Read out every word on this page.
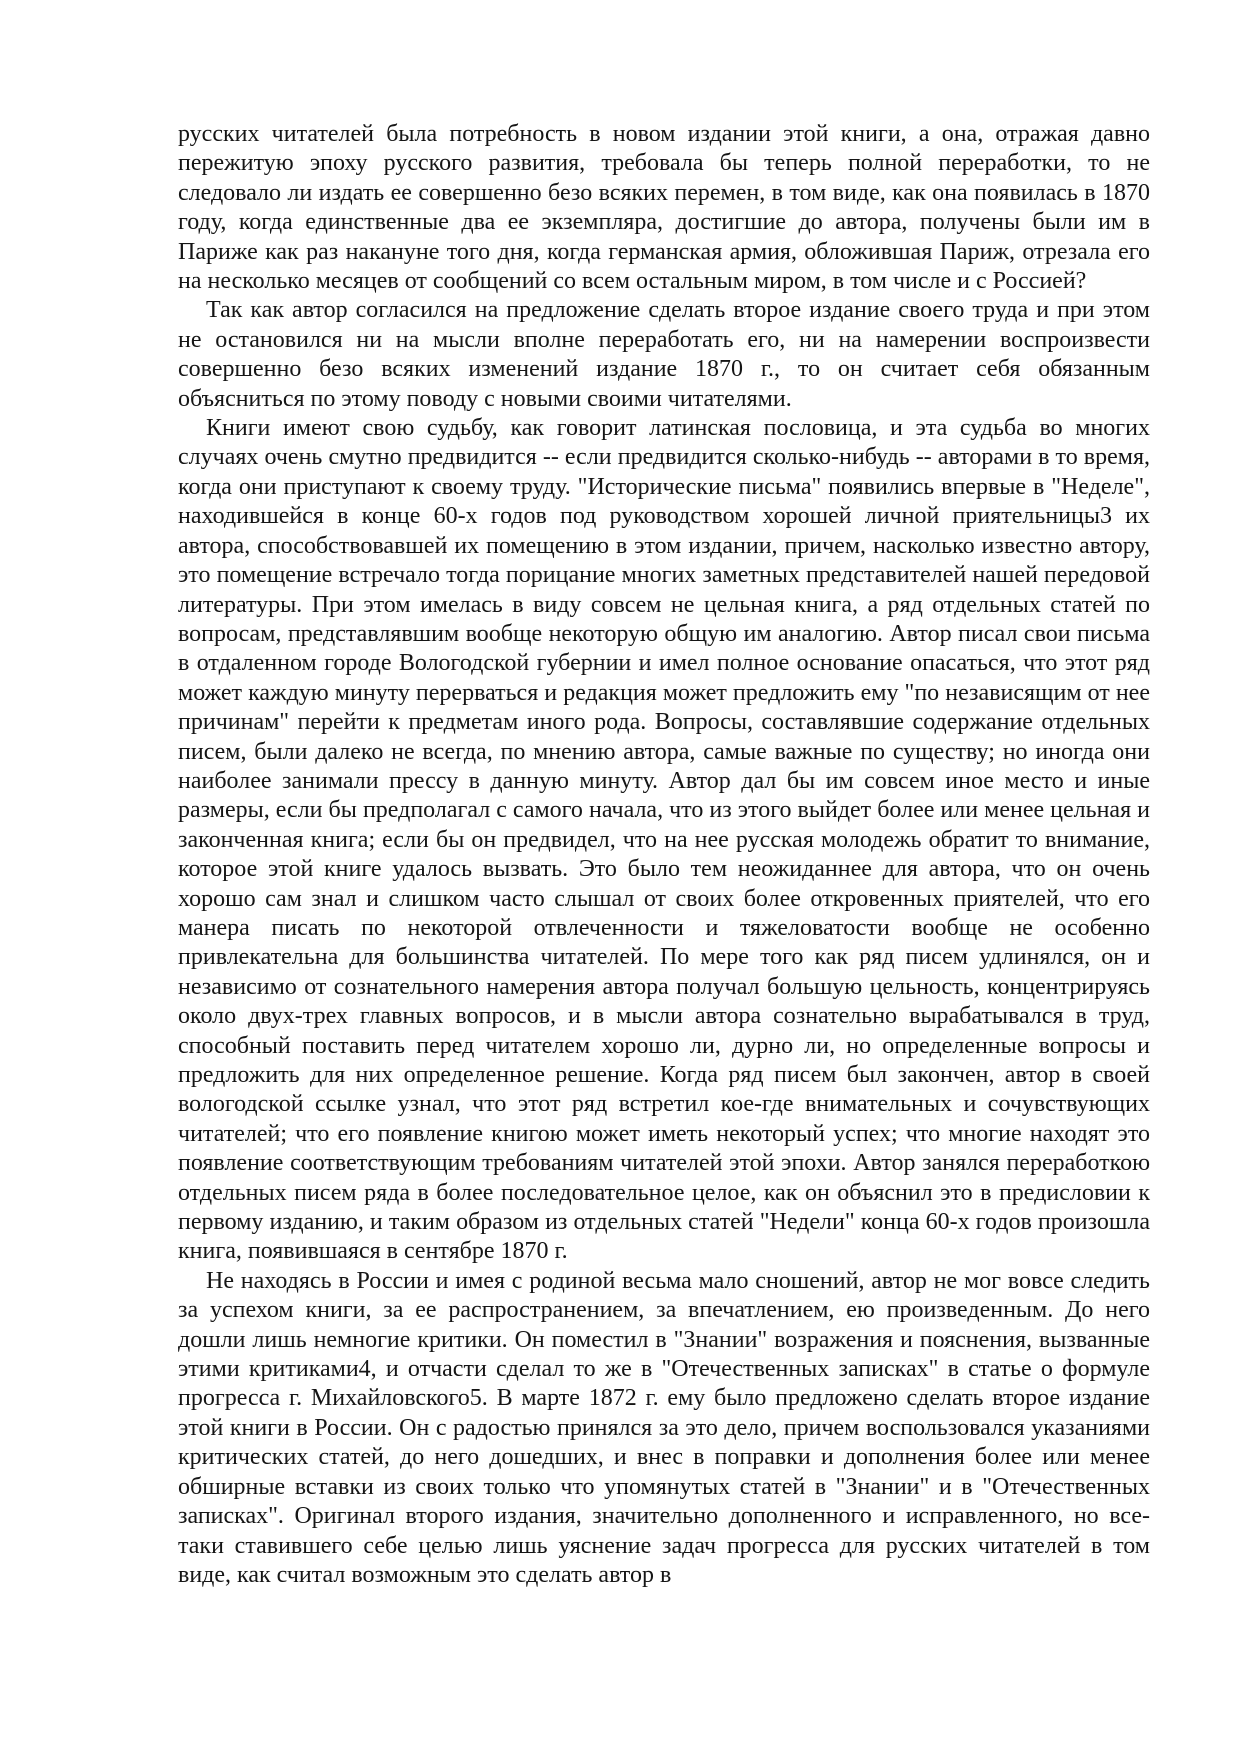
русских читателей была потребность в новом издании этой книги, а она, отражая давно пережитую эпоху русского развития, требовала бы теперь полной переработки, то не следовало ли издать ее совершенно безо всяких перемен, в том виде, как она появилась в 1870 году, когда единственные два ее экземпляра, достигшие до автора, получены были им в Париже как раз накануне того дня, когда германская армия, обложившая Париж, отрезала его на несколько месяцев от сообщений со всем остальным миром, в том числе и с Россией?

Так как автор согласился на предложение сделать второе издание своего труда и при этом не остановился ни на мысли вполне переработать его, ни на намерении воспроизвести совершенно безо всяких изменений издание 1870 г., то он считает себя обязанным объясниться по этому поводу с новыми своими читателями.

Книги имеют свою судьбу, как говорит латинская пословица, и эта судьба во многих случаях очень смутно предвидится -- если предвидится сколько-нибудь -- авторами в то время, когда они приступают к своему труду. "Исторические письма" появились впервые в "Неделе", находившейся в конце 60-х годов под руководством хорошей личной приятельницы3 их автора, способствовавшей их помещению в этом издании, причем, насколько известно автору, это помещение встречало тогда порицание многих заметных представителей нашей передовой литературы. При этом имелась в виду совсем не цельная книга, а ряд отдельных статей по вопросам, представлявшим вообще некоторую общую им аналогию. Автор писал свои письма в отдаленном городе Вологодской губернии и имел полное основание опасаться, что этот ряд может каждую минуту перерваться и редакция может предложить ему "по независящим от нее причинам" перейти к предметам иного рода. Вопросы, составлявшие содержание отдельных писем, были далеко не всегда, по мнению автора, самые важные по существу; но иногда они наиболее занимали прессу в данную минуту. Автор дал бы им совсем иное место и иные размеры, если бы предполагал с самого начала, что из этого выйдет более или менее цельная и законченная книга; если бы он предвидел, что на нее русская молодежь обратит то внимание, которое этой книге удалось вызвать. Это было тем неожиданнее для автора, что он очень хорошо сам знал и слишком часто слышал от своих более откровенных приятелей, что его манера писать по некоторой отвлеченности и тяжеловатости вообще не особенно привлекательна для большинства читателей. По мере того как ряд писем удлинялся, он и независимо от сознательного намерения автора получал большую цельность, концентрируясь около двух-трех главных вопросов, и в мысли автора сознательно вырабатывался в труд, способный поставить перед читателем хорошо ли, дурно ли, но определенные вопросы и предложить для них определенное решение. Когда ряд писем был закончен, автор в своей вологодской ссылке узнал, что этот ряд встретил кое-где внимательных и сочувствующих читателей; что его появление книгою может иметь некоторый успех; что многие находят это появление соответствующим требованиям читателей этой эпохи. Автор занялся переработкою отдельных писем ряда в более последовательное целое, как он объяснил это в предисловии к первому изданию, и таким образом из отдельных статей "Недели" конца 60-х годов произошла книга, появившаяся в сентябре 1870 г.

Не находясь в России и имея с родиной весьма мало сношений, автор не мог вовсе следить за успехом книги, за ее распространением, за впечатлением, ею произведенным. До него дошли лишь немногие критики. Он поместил в "Знании" возражения и пояснения, вызванные этими критиками4, и отчасти сделал то же в "Отечественных записках" в статье о формуле прогресса г. Михайловского5. В марте 1872 г. ему было предложено сделать второе издание этой книги в России. Он с радостью принялся за это дело, причем воспользовался указаниями критических статей, до него дошедших, и внес в поправки и дополнения более или менее обширные вставки из своих только что упомянутых статей в "Знании" и в "Отечественных записках". Оригинал второго издания, значительно дополненного и исправленного, но все-таки ставившего себе целью лишь уяснение задач прогресса для русских читателей в том виде, как считал возможным это сделать автор в
